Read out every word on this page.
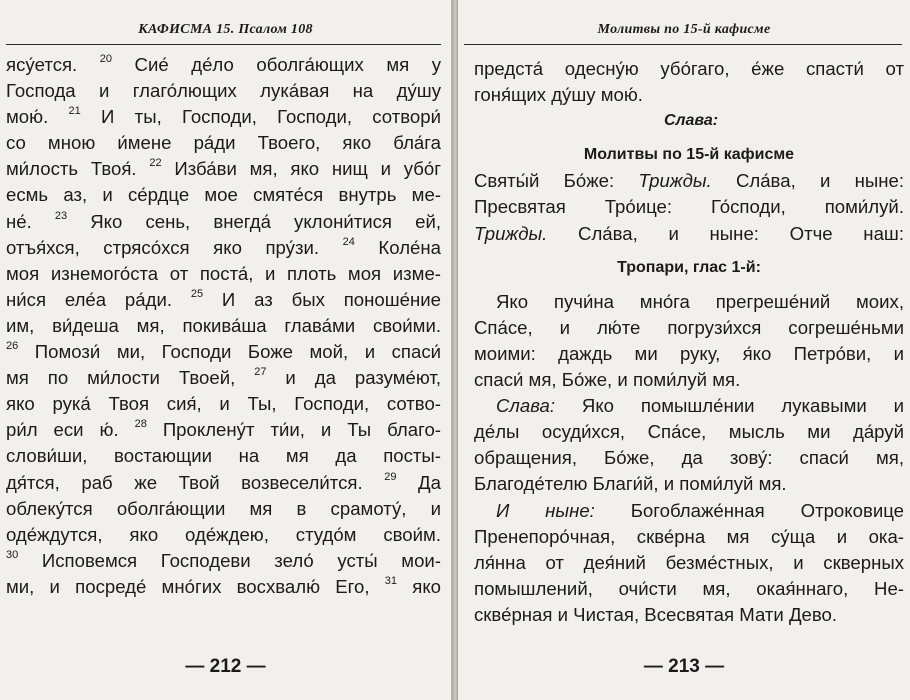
КАФИСМА 15. Псалом 108
ясу́ется. $^{20}$ Сие́ де́ло оболга́ющих мя у
Господа и глаго́лющих лука́вая на ду́шу
мою́. $^{21}$ И ты, Господи, Господи, сотвори́
со мною и́мене ра́ди Твоего, яко бла́га
ми́лость Твоя́. $^{22}$ Изба́ви мя, яко нищ и убо́г
есмь аз, и се́рдце мое смяте́ся внутрь ме-
не́. $^{23}$ Яко сень, внегда́ уклони́тися ей,
отъя́хся, стрясо́хся яко пру́зи. $^{24}$ Коле́на
моя изнемого́ста от поста́, и плоть моя изме-
ни́ся еле́а ра́ди. $^{25}$ И аз бых поноше́ние
им, ви́деша мя, покива́ша глава́ми свои́ми.
$^{26}$ Помози́ ми, Господи Боже мой, и спаси́
мя по ми́лости Твоей, $^{27}$ и да разуме́ют,
яко рука́ Твоя сия́, и Ты, Господи, сотво-
ри́л еси ю́. $^{28}$ Проклену́т ти́и, и Ты благо-
слови́ши, востающии на мя да посты-
дя́тся, раб же Твой возвесели́тся. $^{29}$ Да
облеку́тся оболга́ющии мя в срамоту́, и
оде́ждутся, яко оде́ждею, студо́м свои́м.
$^{30}$ Исповемся Господеви зело́ усты́ мои-
ми, и посреде́ мно́гих восхвалю́ Его, $^{31}$ яко
— 212 —
Молитвы по 15-й кафисме
предста́ одесну́ю убо́гаго, е́же спасти́ от
гоня́щих ду́шу мою́.
Слава:
Молитвы по 15-й кафисме
Святы́й Бо́же: Трижды. Сла́ва, и ныне:
Пресвятая Тро́ице: Го́споди, поми́луй.
Трижды. Сла́ва, и ныне: Отче наш:
Тропари, глас 1-й:
Яко пучи́на мно́га прегреше́ний моих,
Спа́се, и лю́те погрузи́хся согреше́ньми
моими: даждь ми руку, я́ко Петро́ви, и
спаси́ мя, Бо́же, и поми́луй мя.
Слава: Яко помышле́нии лукавыми и
де́лы осуди́хся, Спа́се, мысль ми да́руй
обращения, Бо́же, да зову́: спаси́ мя,
Благоде́телю Благи́й, и поми́луй мя.
И ныне: Богоблаже́нная Отроковице
Пренепоро́чная, скве́рна мя су́ща и ока-
ля́нна от дея́ний безме́стных, и скверных
помышлений, очи́сти мя, окая́ннаго, Не-
скве́рная и Чистая, Всесвятая Мати Дево.
— 213 —
